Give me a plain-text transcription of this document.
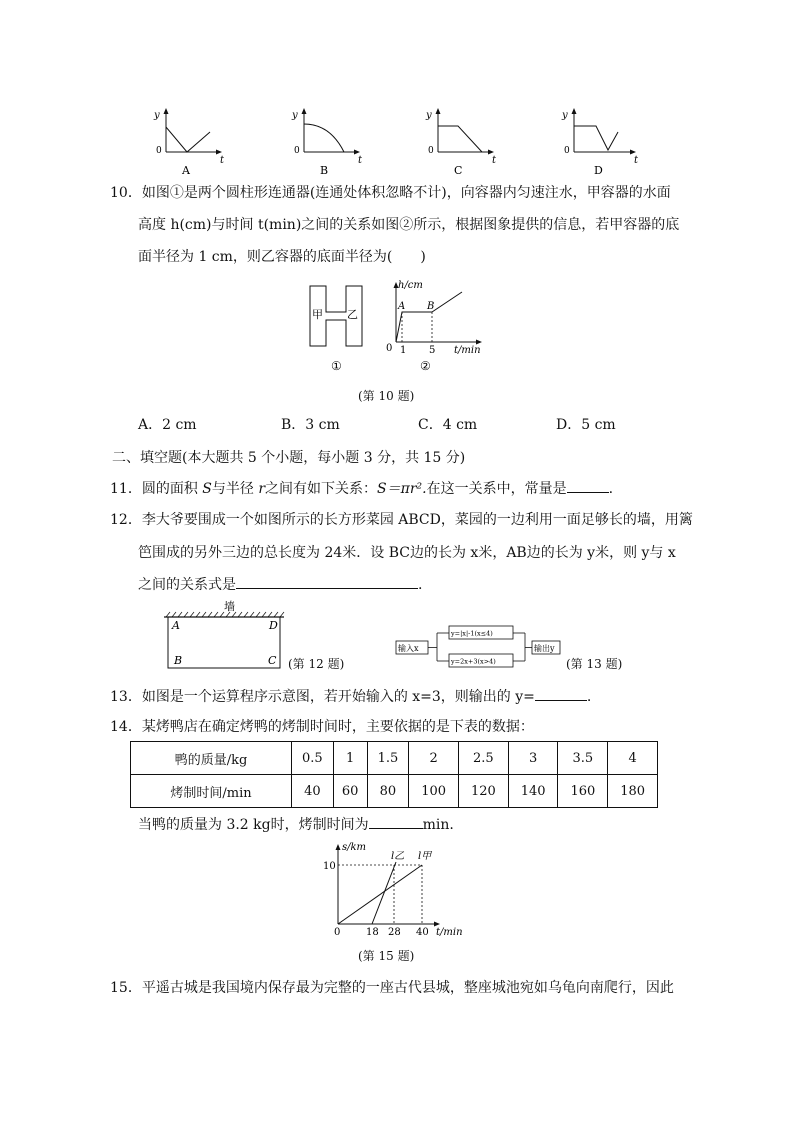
y
0
t
A
y
0
t
B
y
0
t
C
y
0
t
D
10．如图①是两个圆柱形连通器(连通处体积忽略不计)，向容器内匀速注水，甲容器的水面
高度 h(cm)与时间 t(min)之间的关系如图②所示，根据图象提供的信息，若甲容器的底
面半径为 1 cm，则乙容器的底面半径为(　　)
甲 乙
①
h/cm
A B
0 1 5 t/min
②
(第 10 题)
A．2 cm	B．3 cm	C．4 cm	D．5 cm
二、填空题(本大题共 5 个小题，每小题 3 分，共 15 分)
11．圆的面积 S与半径 r之间有如下关系：S＝πr².在这一关系中，常量是	.
12．李大爷要围成一个如图所示的长方形菜园 ABCD，菜园的一边利用一面足够长的墙，用篱
笆围成的另外三边的总长度为 24米．设 BC边的长为 x米，AB边的长为 y米，则 y与 x
之间的关系式是	.
墙
A	D
B	C (第 12 题)
输入x
y=|x|-1(x≤4)
y=2x+3(x>4)
输出y
(第 13 题)
13．如图是一个运算程序示意图，若开始输入的 x=3，则输出的 y=	.
14．某烤鸭店在确定烤鸭的烤制时间时，主要依据的是下表的数据：
鸭的质量/kg	0.5	1	1.5	2	2.5	3	3.5	4
烤制时间/min	40	60	80	100	120	140	160	180
当鸭的质量为 3.2 kg时，烤制时间为	min.
s/km
10
l乙 l甲
0	18 28 40 t/min
(第 15 题)
15．平遥古城是我国境内保存最为完整的一座古代县城，整座城池宛如乌龟向南爬行，因此
